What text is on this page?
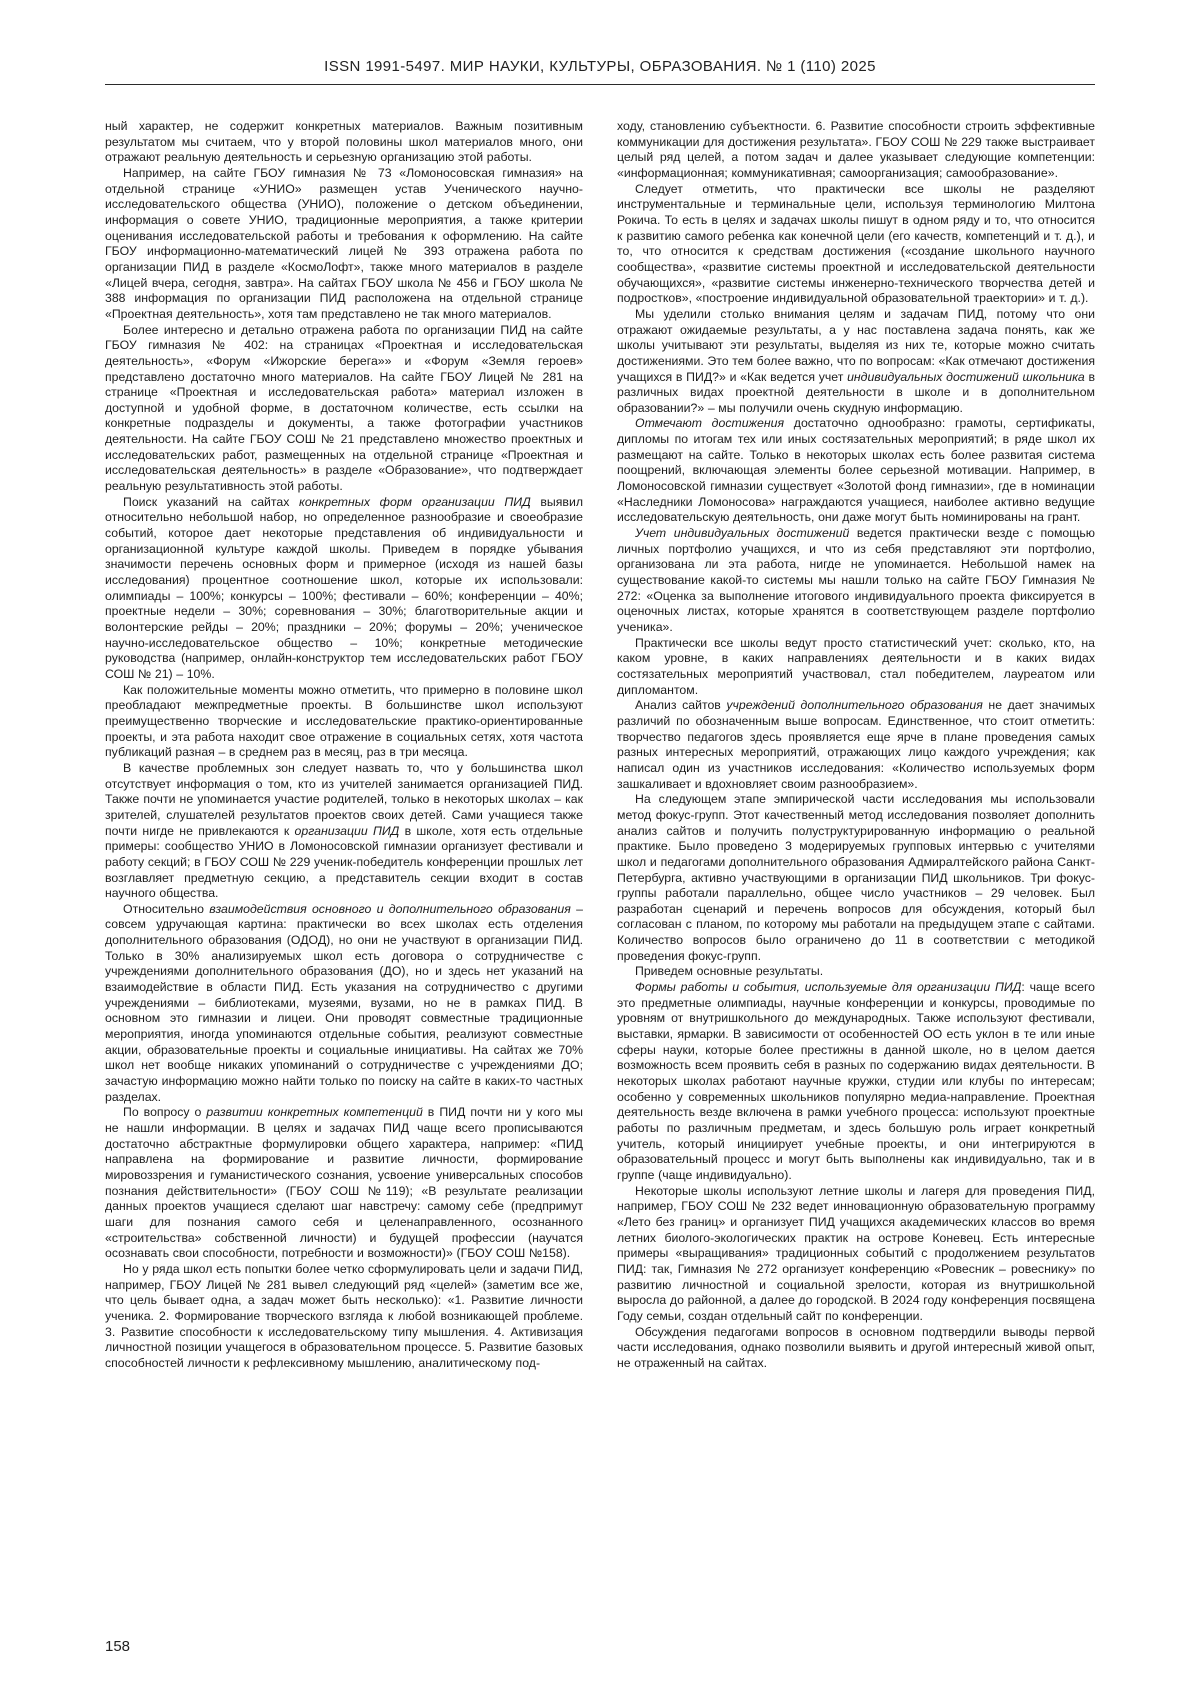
ISSN 1991-5497. МИР НАУКИ, КУЛЬТУРЫ, ОБРАЗОВАНИЯ. № 1 (110) 2025

ный характер, не содержит конкретных материалов. Важным позитивным результатом мы считаем, что у второй половины школ материалов много, они отражают реальную деятельность и серьезную организацию этой работы.

Например, на сайте ГБОУ гимназия № 73 «Ломоносовская гимназия» на отдельной странице «УНИО» размещен устав Ученического научно- исследовательского общества (УНИО), положение о детском объединении, информация о совете УНИО, традиционные мероприятия, а также критерии оценивания исследовательской работы и требования к оформлению. На сайте ГБОУ информационно-математический лицей № 393 отражена работа по организации ПИД в разделе «КосмоЛофт», также много материалов в разделе «Лицей вчера, сегодня, завтра». На сайтах ГБОУ школа № 456 и ГБОУ школа № 388 информация по организации ПИД расположена на отдельной странице «Проектная деятельность», хотя там представлено не так много материалов.

Более интересно и детально отражена работа по организации ПИД на сайте ГБОУ гимназия № 402: на страницах «Проектная и исследовательская деятельность», «Форум «Ижорские берега»» и «Форум «Земля героев» представлено достаточно много материалов. На сайте ГБОУ Лицей № 281 на странице «Проектная и исследовательская работа» материал изложен в доступной и удобной форме, в достаточном количестве, есть ссылки на конкретные подразделы и документы, а также фотографии участников деятельности. На сайте ГБОУ СОШ № 21 представлено множество проектных и исследовательских работ, размещенных на отдельной странице «Проектная и исследовательская деятельность» в разделе «Образование», что подтверждает реальную результативность этой работы.

Поиск указаний на сайтах конкретных форм организации ПИД выявил относительно небольшой набор, но определенное разнообразие и своеобразие событий, которое дает некоторые представления об индивидуальности и организационной культуре каждой школы. Приведем в порядке убывания значимости перечень основных форм и примерное (исходя из нашей базы исследования) процентное соотношение школ, которые их использовали: олимпиады – 100%; конкурсы – 100%; фестивали – 60%; конференции – 40%; проектные недели – 30%; соревнования – 30%; благотворительные акции и волонтерские рейды – 20%; праздники – 20%; форумы – 20%; ученическое научно-исследовательское общество – 10%; конкретные методические руководства (например, онлайн-конструктор тем исследовательских работ ГБОУ СОШ № 21) – 10%.

Как положительные моменты можно отметить, что примерно в половине школ преобладают межпредметные проекты. В большинстве школ используют преимущественно творческие и исследовательские практико-ориентированные проекты, и эта работа находит свое отражение в социальных сетях, хотя частота публикаций разная – в среднем раз в месяц, раз в три месяца.

В качестве проблемных зон следует назвать то, что у большинства школ отсутствует информация о том, кто из учителей занимается организацией ПИД. Также почти не упоминается участие родителей, только в некоторых школах – как зрителей, слушателей результатов проектов своих детей. Сами учащиеся также почти нигде не привлекаются к организации ПИД в школе, хотя есть отдельные примеры: сообщество УНИО в Ломоносовской гимназии организует фестивали и работу секций; в ГБОУ СОШ № 229 ученик-победитель конференции прошлых лет возглавляет предметную секцию, а представитель секции входит в состав научного общества.

Относительно взаимодействия основного и дополнительного образования – совсем удручающая картина: практически во всех школах есть отделения дополнительного образования (ОДОД), но они не участвуют в организации ПИД. Только в 30% анализируемых школ есть договора о сотрудничестве с учреждениями дополнительного образования (ДО), но и здесь нет указаний на взаимодействие в области ПИД. Есть указания на сотрудничество с другими учреждениями – библиотеками, музеями, вузами, но не в рамках ПИД. В основном это гимназии и лицеи. Они проводят совместные традиционные мероприятия, иногда упоминаются отдельные события, реализуют совместные акции, образовательные проекты и социальные инициативы. На сайтах же 70% школ нет вообще никаких упоминаний о сотрудничестве с учреждениями ДО; зачастую информацию можно найти только по поиску на сайте в каких-то частных разделах.

По вопросу о развитии конкретных компетенций в ПИД почти ни у кого мы не нашли информации. В целях и задачах ПИД чаще всего прописываются достаточно абстрактные формулировки общего характера, например: «ПИД направлена на формирование и развитие личности, формирование мировоззрения и гуманистического сознания, усвоение универсальных способов познания действительности» (ГБОУ СОШ №119); «В результате реализации данных проектов учащиеся сделают шаг навстречу: самому себе (предпримут шаги для познания самого себя и целенаправленного, осознанного «строительства» собственной личности) и будущей профессии (научатся осознавать свои способности, потребности и возможности)» (ГБОУ СОШ №158).

Но у ряда школ есть попытки более четко сформулировать цели и задачи ПИД, например, ГБОУ Лицей № 281 вывел следующий ряд «целей» (заметим все же, что цель бывает одна, а задач может быть несколько): «1. Развитие личности ученика. 2. Формирование творческого взгляда к любой возникающей проблеме. 3. Развитие способности к исследовательскому типу мышления. 4. Активизация личностной позиции учащегося в образовательном процессе. 5. Развитие базовых способностей личности к рефлексивному мышлению, аналитическому под-

ходу, становлению субъектности. 6. Развитие способности строить эффективные коммуникации для достижения результата». ГБОУ СОШ № 229 также выстраивает целый ряд целей, а потом задач и далее указывает следующие компетенции: «информационная; коммуникативная; самоорганизация; самообразование».

Следует отметить, что практически все школы не разделяют инструментальные и терминальные цели, используя терминологию Милтона Рокича. То есть в целях и задачах школы пишут в одном ряду и то, что относится к развитию самого ребенка как конечной цели (его качеств, компетенций и т. д.), и то, что относится к средствам достижения («создание школьного научного сообщества», «развитие системы проектной и исследовательской деятельности обучающихся», «развитие системы инженерно-технического творчества детей и подростков», «построение индивидуальной образовательной траектории» и т. д.).

Мы уделили столько внимания целям и задачам ПИД, потому что они отражают ожидаемые результаты, а у нас поставлена задача понять, как же школы учитывают эти результаты, выделяя из них те, которые можно считать достижениями. Это тем более важно, что по вопросам: «Как отмечают достижения учащихся в ПИД?» и «Как ведется учет индивидуальных достижений школьника в различных видах проектной деятельности в школе и в дополнительном образовании?» – мы получили очень скудную информацию.

Отмечают достижения достаточно однообразно: грамоты, сертификаты, дипломы по итогам тех или иных состязательных мероприятий; в ряде школ их размещают на сайте. Только в некоторых школах есть более развитая система поощрений, включающая элементы более серьезной мотивации. Например, в Ломоносовской гимназии существует «Золотой фонд гимназии», где в номинации «Наследники Ломоносова» награждаются учащиеся, наиболее активно ведущие исследовательскую деятельность, они даже могут быть номинированы на грант.

Учет индивидуальных достижений ведется практически везде с помощью личных портфолио учащихся, и что из себя представляют эти портфолио, организована ли эта работа, нигде не упоминается. Небольшой намек на существование какой-то системы мы нашли только на сайте ГБОУ Гимназия № 272: «Оценка за выполнение итогового индивидуального проекта фиксируется в оценочных листах, которые хранятся в соответствующем разделе портфолио ученика».

Практически все школы ведут просто статистический учет: сколько, кто, на каком уровне, в каких направлениях деятельности и в каких видах состязательных мероприятий участвовал, стал победителем, лауреатом или дипломантом.

Анализ сайтов учреждений дополнительного образования не дает значимых различий по обозначенным выше вопросам. Единственное, что стоит отметить: творчество педагогов здесь проявляется еще ярче в плане проведения самых разных интересных мероприятий, отражающих лицо каждого учреждения; как написал один из участников исследования: «Количество используемых форм зашкаливает и вдохновляет своим разнообразием».

На следующем этапе эмпирической части исследования мы использовали метод фокус-групп. Этот качественный метод исследования позволяет дополнить анализ сайтов и получить полуструктурированную информацию о реальной практике. Было проведено 3 модерируемых групповых интервью с учителями школ и педагогами дополнительного образования Адмиралтейского района Санкт-Петербурга, активно участвующими в организации ПИД школьников. Три фокус-группы работали параллельно, общее число участников – 29 человек. Был разработан сценарий и перечень вопросов для обсуждения, который был согласован с планом, по которому мы работали на предыдущем этапе с сайтами. Количество вопросов было ограничено до 11 в соответствии с методикой проведения фокус-групп.

Приведем основные результаты.

Формы работы и события, используемые для организации ПИД: чаще всего это предметные олимпиады, научные конференции и конкурсы, проводимые по уровням от внутришкольного до международных. Также используют фестивали, выставки, ярмарки. В зависимости от особенностей ОО есть уклон в те или иные сферы науки, которые более престижны в данной школе, но в целом дается возможность всем проявить себя в разных по содержанию видах деятельности. В некоторых школах работают научные кружки, студии или клубы по интересам; особенно у современных школьников популярно медиа-направление. Проектная деятельность везде включена в рамки учебного процесса: используют проектные работы по различным предметам, и здесь большую роль играет конкретный учитель, который инициирует учебные проекты, и они интегрируются в образовательный процесс и могут быть выполнены как индивидуально, так и в группе (чаще индивидуально).

Некоторые школы используют летние школы и лагеря для проведения ПИД, например, ГБОУ СОШ № 232 ведет инновационную образовательную программу «Лето без границ» и организует ПИД учащихся академических классов во время летних биолого-экологических практик на острове Коневец. Есть интересные примеры «выращивания» традиционных событий с продолжением результатов ПИД: так, Гимназия № 272 организует конференцию «Ровесник – ровеснику» по развитию личностной и социальной зрелости, которая из внутришкольной выросла до районной, а далее до городской. В 2024 году конференция посвящена Году семьи, создан отдельный сайт по конференции.

Обсуждения педагогами вопросов в основном подтвердили выводы первой части исследования, однако позволили выявить и другой интересный живой опыт, не отраженный на сайтах.

158
